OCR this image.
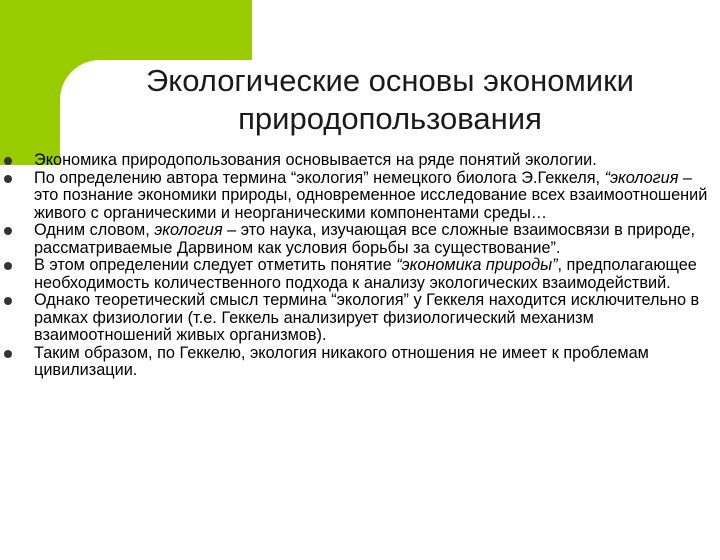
Экологические основы экономики
природопользования
Экономика природопользования основывается на ряде понятий экологии.
По определению автора термина “экология” немецкого биолога Э.Геккеля, “экология – это познание экономики природы, одновременное исследование всех взаимоотношений живого с органическими и неорганическими компонентами среды…
Одним словом, экология – это наука, изучающая все сложные взаимосвязи в природе, рассматриваемые Дарвином как условия борьбы за существование”.
В этом определении следует отметить понятие “экономика природы”, предполагающее необходимость количественного подхода к анализу экологических взаимодействий.
Однако теоретический смысл термина “экология” у Геккеля находится исключительно в рамках физиологии (т.е. Геккель анализирует физиологический механизм взаимоотношений живых организмов).
Таким образом, по Геккелю, экология никакого отношения не имеет к проблемам цивилизации.
